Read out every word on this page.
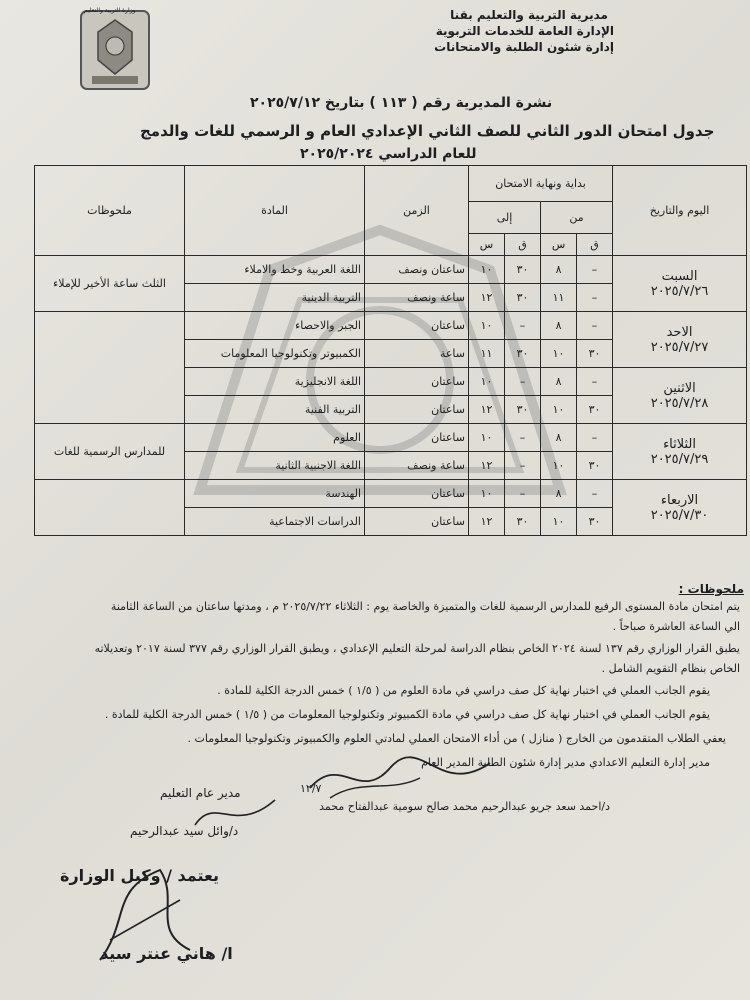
مديرية التربية والتعليم بقنا
الإدارة العامة للخدمات التربوية
إدارة شئون الطلبة والامتحانات
وزارة التربية والتعليم
نشرة المديرية رقم ( ١١٣ ) بتاريخ ٢٠٢٥/٧/١٢
جدول امتحان الدور الثاني للصف الثاني الإعدادي العام و الرسمي للغات والدمج
للعام الدراسي ٢٠٢٥/٢٠٢٤
اليوم والتاريخ	بداية ونهاية الامتحان				الزمن	المادة	ملحوظات	
	من		إلى					
	ق	س	ق	س				

السبت
٢٠٢٥/٧/٢٦	–	٨	٣٠	١٠	ساعتان ونصف	اللغة العربية وخط والاملاء	الثلث ساعة الأخير للإملاء	
	–	١١	٣٠	١٢	ساعة ونصف	التربية الدينية		

الاحد
٢٠٢٥/٧/٢٧	–	٨	–	١٠	ساعتان	الجبر والاحصاء		
	٣٠	١٠	٣٠	١١	ساعة	الكمبيوتر وتكنولوجيا المعلومات		

الاثنين
٢٠٢٥/٧/٢٨	–	٨	–	١٠	ساعتان	اللغة الانجليزية	
	٣٠	١٠	٣٠	١٢	ساعتان	التربية الفنية		

الثلاثاء
٢٠٢٥/٧/٢٩	–	٨	–	١٠	ساعتان	العلوم	للمدارس الرسمية للغات	
	٣٠	١٠	–	١٢	ساعة ونصف	اللغة الاجنبية الثانية		

الاربعاء
٢٠٢٥/٧/٣٠	–	٨	–	١٠	ساعتان	الهندسة		
	٣٠	١٠	٣٠	١٢	ساعتان	الدراسات الاجتماعية		
ملحوظات :
يتم امتحان مادة المستوى الرفيع للمدارس الرسمية للغات والمتميزة والخاصة يوم : الثلاثاء ٢٠٢٥/٧/٢٢ م ، ومدتها ساعتان من الساعة الثامنة
الي الساعة العاشرة صباحاً .
يطبق القرار الوزاري رقم ١٣٧ لسنة ٢٠٢٤ الخاص بنظام الدراسة لمرحلة التعليم الإعدادي ، ويطبق القرار الوزاري رقم ٣٧٧ لسنة ٢٠١٧ وتعديلاته
الخاص بنظام التقويم الشامل .
يقوم الجانب العملي في اختبار نهاية كل صف دراسي في مادة العلوم من ( ١/٥ ) خمس الدرجة الكلية للمادة .
يقوم الجانب العملي في اختبار نهاية كل صف دراسي في مادة الكمبيوتر وتكنولوجيا المعلومات من ( ١/٥ ) خمس الدرجة الكلية للمادة .
يعفي الطلاب المتقدمون من الخارج ( منازل ) من أداء الامتحان العملي لمادتي العلوم والكمبيوتر وتكنولوجيا المعلومات .
مدير إدارة التعليم الاعدادي مدير إدارة شئون الطلبة المدير العام
د/احمد سعد جريو عبدالرحيم محمد صالح سومية عبدالفتاح محمد
١٢/٧
مدير عام التعليم
د/وائل سيد عبدالرحيم
يعتمد / وكيل الوزارة
ا/ هاني عنتر سيد
